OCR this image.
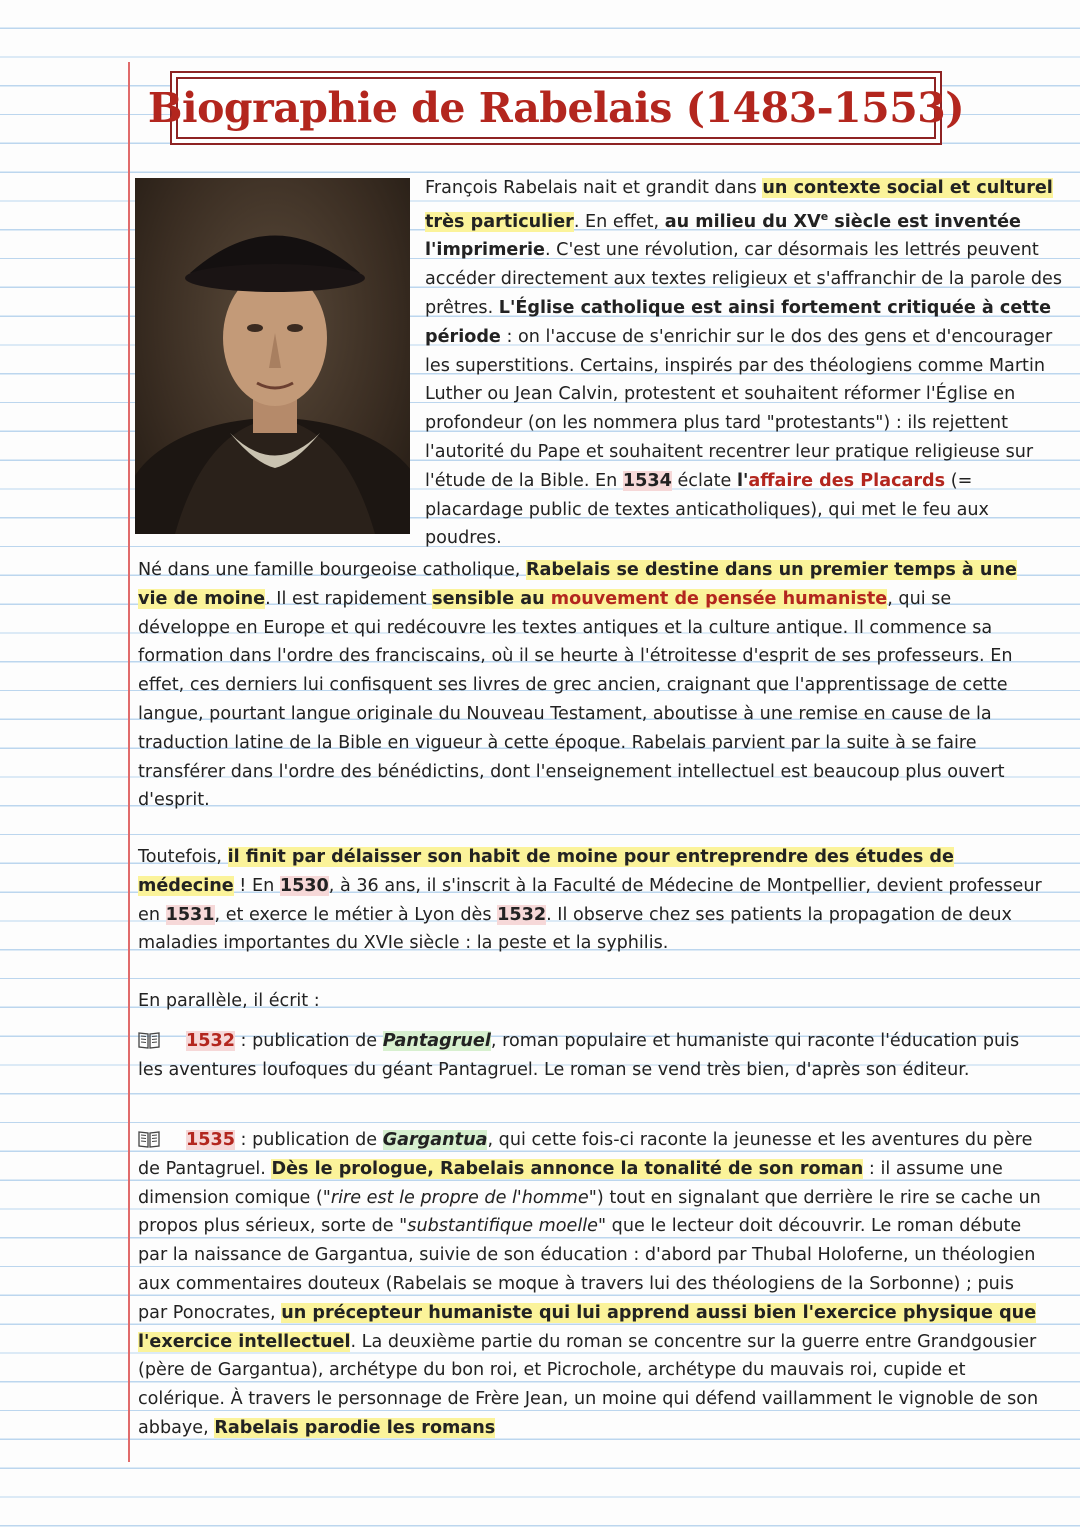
Biographie de Rabelais (1483-1553)
François Rabelais nait et grandit dans un contexte social et culturel très particulier. En effet, au milieu du XVe siècle est inventée l'imprimerie. C'est une révolution, car désormais les lettrés peuvent accéder directement aux textes religieux et s'affranchir de la parole des prêtres. L'Église catholique est ainsi fortement critiquée à cette période : on l'accuse de s'enrichir sur le dos des gens et d'encourager les superstitions. Certains, inspirés par des théologiens comme Martin Luther ou Jean Calvin, protestent et souhaitent réformer l'Église en profondeur (on les nommera plus tard "protestants") : ils rejettent l'autorité du Pape et souhaitent recentrer leur pratique religieuse sur l'étude de la Bible. En 1534 éclate l'affaire des Placards (= placardage public de textes anticatholiques), qui met le feu aux poudres.
Né dans une famille bourgeoise catholique, Rabelais se destine dans un premier temps à une vie de moine. Il est rapidement sensible au mouvement de pensée humaniste, qui se développe en Europe et qui redécouvre les textes antiques et la culture antique. Il commence sa formation dans l'ordre des franciscains, où il se heurte à l'étroitesse d'esprit de ses professeurs. En effet, ces derniers lui confisquent ses livres de grec ancien, craignant que l'apprentissage de cette langue, pourtant langue originale du Nouveau Testament, aboutisse à une remise en cause de la traduction latine de la Bible en vigueur à cette époque. Rabelais parvient par la suite à se faire transférer dans l'ordre des bénédictins, dont l'enseignement intellectuel est beaucoup plus ouvert d'esprit.
Toutefois, il finit par délaisser son habit de moine pour entreprendre des études de médecine ! En 1530, à 36 ans, il s'inscrit à la Faculté de Médecine de Montpellier, devient professeur en 1531, et exerce le métier à Lyon dès 1532. Il observe chez ses patients la propagation de deux maladies importantes du XVIe siècle : la peste et la syphilis.
En parallèle, il écrit :
1532 : publication de Pantagruel, roman populaire et humaniste qui raconte l'éducation puis les aventures loufoques du géant Pantagruel. Le roman se vend très bien, d'après son éditeur.
1535 : publication de Gargantua, qui cette fois-ci raconte la jeunesse et les aventures du père de Pantagruel. Dès le prologue, Rabelais annonce la tonalité de son roman : il assume une dimension comique ("rire est le propre de l'homme") tout en signalant que derrière le rire se cache un propos plus sérieux, sorte de "substantifique moelle" que le lecteur doit découvrir. Le roman débute par la naissance de Gargantua, suivie de son éducation : d'abord par Thubal Holoferne, un théologien aux commentaires douteux (Rabelais se moque à travers lui des théologiens de la Sorbonne) ; puis par Ponocrates, un précepteur humaniste qui lui apprend aussi bien l'exercice physique que l'exercice intellectuel. La deuxième partie du roman se concentre sur la guerre entre Grandgousier (père de Gargantua), archétype du bon roi, et Picrochole, archétype du mauvais roi, cupide et colérique. À travers le personnage de Frère Jean, un moine qui défend vaillamment le vignoble de son abbaye, Rabelais parodie les romans
